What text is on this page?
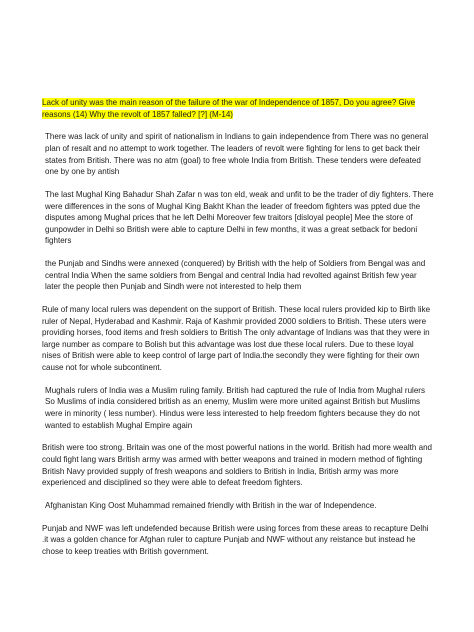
Lack of unity was the main reason of the failure of the war of Independence of 1857, Do you agree? Give reasons (14) Why the revolt of 1857 falled? [?] (M-14)

There was lack of unity and spirit of nationalism in Indians to gain independence from There was no general plan of resalt and no attempt to work together. The leaders of revolt were fighting for lens to get back their states from British. There was no atm (goal) to free whole India from British. These tenders were defeated one by one by antish

The last Mughal King Bahadur Shah Zafar n was ton eld, weak and unfit to be the trader of diy fighters. There were differences in the sons of Mughal King Bakht Khan the leader of freedom fighters was ppted due the disputes among Mughal prices that he left Delhi Moreover few traitors [disloyal people] Mee the store of gunpowder in Delhi so British were able to capture Delhi in few months, it was a great setback for bedoni fighters

the Punjab and Sindhs were annexed (conquered) by British with the help of Soldiers from Bengal was and central India When the same soldiers from Bengal and central India had revolted against British few year later the people then Punjab and Sindh were not interested to help them

Rule of many local rulers was dependent on the support of British. These local rulers provided kip to Birth like ruler of Nepal, Hyderabad and Kashmir. Raja of Kashmir provided 2000 soldiers to British. These uters were providing horses, food items and fresh soldiers to British The only advantage of Indians was that they were in large number as compare to Bolish but this advantage was lost due these local rulers. Due to these loyal nises of British were able to keep control of large part of India.the secondly they were fighting for their own cause not for whole subcontinent.

Mughals rulers of India was a Muslim ruling family. British had captured the rule of India from Mughal rulers So Muslims of india considered british as an enemy, Muslim were more united against British but Muslims were in minority ( less number). Hindus were less interested to help freedom fighters because they do not wanted to establish Mughal Empire again

British were too strong. Britain was one of the most powerful nations in the world. British had more wealth and could fight lang wars British army was armed with better weapons and trained in modern method of fighting British Navy provided supply of fresh weapons and soldiers to British in India, British army was more experienced and disciplined so they were able to defeat freedom fighters.

Afghanistan King Oost Muhammad remained friendly with British in the war of Independence.

Punjab and NWF was left undefended because British were using forces from these areas to recapture Delhi .it was a golden chance for Afghan ruler to capture Punjab and NWF without any reistance but instead he chose to keep treaties with British government.
